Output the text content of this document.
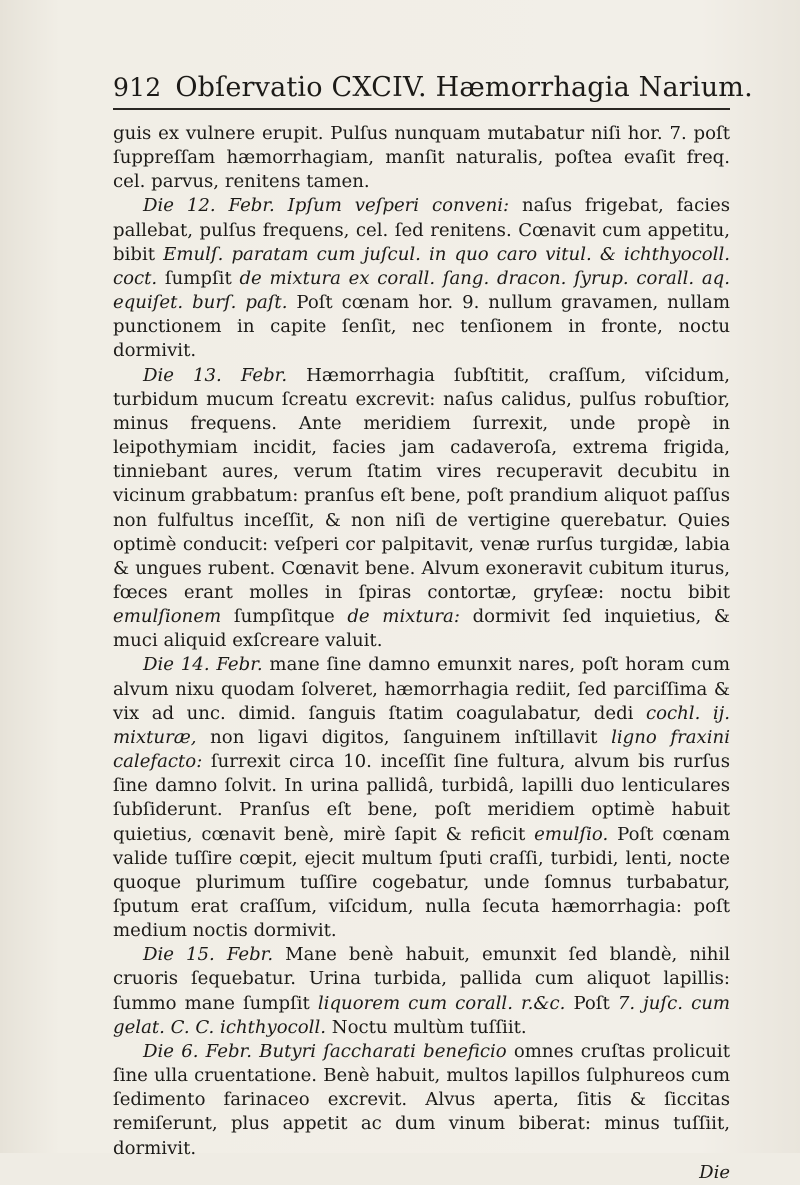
912 Obſervatio CXCIV. Hæmorrhagia Narium.

guis ex vulnere erupit. Pulſus nunquam mutabatur niſi hor. 7. poſt ſuppreſſam hæmorrhagiam, manſit naturalis, poſtea evaſit freq. cel. parvus, renitens tamen.

Die 12. Febr. Ipſum veſperi conveni: naſus frigebat, facies pallebat, pulſus frequens, cel. ſed renitens. Cœnavit cum appetitu, bibit Emulſ. paratam cum juſcul. in quo caro vitul. & ichthyocoll. coct. ſumpſit de mixtura ex corall. ſang. dracon. ſyrup. corall. aq. equiſet. burſ. paſt. Poſt cœnam hor. 9. nullum gravamen, nullam punctionem in capite ſenſit, nec tenſionem in fronte, noctu dormivit.

Die 13. Febr. Hæmorrhagia ſubſtitit, craſſum, viſcidum, turbidum mucum ſcreatu excrevit: naſus calidus, pulſus robuſtior, minus frequens. Ante meridiem ſurrexit, unde propè in leipothymiam incidit, facies jam cadaveroſa, extrema frigida, tinniebant aures, verum ſtatim vires recuperavit decubitu in vicinum grabbatum: pranſus eſt bene, poſt prandium aliquot paſſus non fulfultus inceſſit, & non niſi de vertigine querebatur. Quies optimè conducit: veſperi cor palpitavit, venæ rurſus turgidæ, labia & ungues rubent. Cœnavit bene. Alvum exoneravit cubitum iturus, fœces erant molles in ſpiras contortæ, gryſeæ: noctu bibit emulſionem ſumpſitque de mixtura: dormivit ſed inquietius, & muci aliquid exſcreare valuit.

Die 14. Febr. mane ſine damno emunxit nares, poſt horam cum alvum nixu quodam ſolveret, hæmorrhagia rediit, ſed parciſſima & vix ad unc. dimid. ſanguis ſtatim coagulabatur, dedi cochl. ij. mixturæ, non ligavi digitos, ſanguinem inſtillavit ligno fraxini calefacto: ſurrexit circa 10. inceſſit ſine fultura, alvum bis rurſus ſine damno ſolvit. In urina pallidâ, turbidâ, lapilli duo lenticulares ſubſiderunt. Pranſus eſt bene, poſt meridiem optimè habuit quietius, cœnavit benè, mirè ſapit & reficit emulſio. Poſt cœnam valide tuſſire cœpit, ejecit multum ſputi craſſi, turbidi, lenti, nocte quoque plurimum tuſſire cogebatur, unde ſomnus turbabatur, ſputum erat craſſum, viſcidum, nulla ſecuta hæmorrhagia: poſt medium noctis dormivit.

Die 15. Febr. Mane benè habuit, emunxit ſed blandè, nihil cruoris ſequebatur. Urina turbida, pallida cum aliquot lapillis: ſummo mane ſumpſit liquorem cum corall. r.&c. Poſt 7. juſc. cum gelat. C. C. ichthyocoll. Noctu multùm tuſſiit.

Die 6. Febr. Butyri ſaccharati beneficio omnes cruſtas prolicuit ſine ulla cruentatione. Benè habuit, multos lapillos ſulphureos cum ſedimento farinaceo excrevit. Alvus aperta, ſitis & ſiccitas remiſerunt, plus appetit ac dum vinum biberat: minus tuſſiit, dormivit.

Die
